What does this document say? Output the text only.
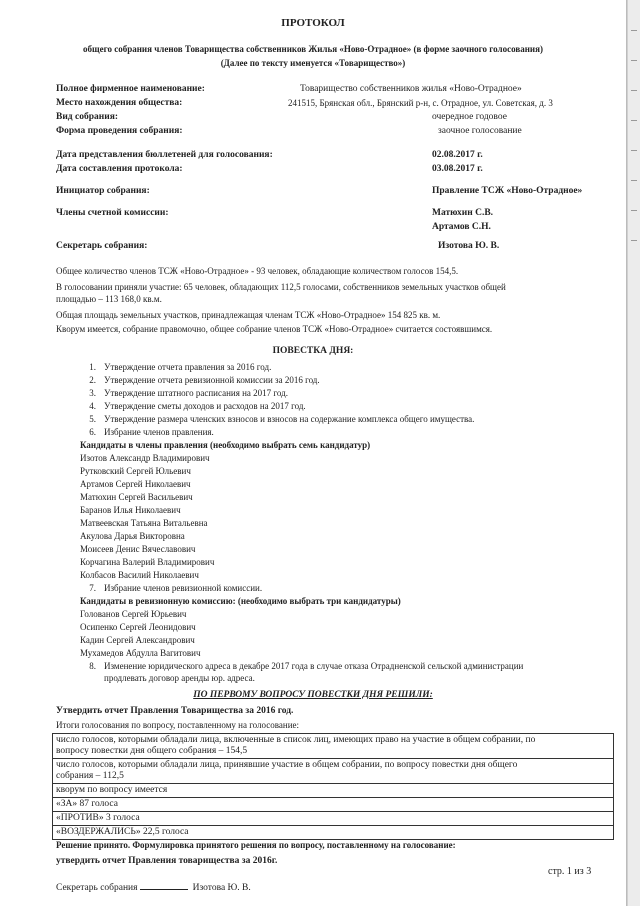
ПРОТОКОЛ
общего собрания членов Товарищества собственников Жилья «Ново-Отрадное» (в форме заочного голосования)
(Далее по тексту именуется «Товарищество»)
Полное фирменное наименование:	Товарищество собственников жилья «Ново-Отрадное»
Место нахождения общества:	241515, Брянская обл., Брянский р-н, с. Отрадное, ул. Советская, д. 3
Вид собрания:	очередное годовое
Форма проведения собрания:	заочное голосование
Дата представления бюллетеней для голосования:	02.08.2017 г.
Дата составления протокола:	03.08.2017 г.
Инициатор собрания:	Правление ТСЖ «Ново-Отрадное»
Члены счетной комиссии:	Матюхин С.В.
Артамов С.Н.
Секретарь собрания:	Изотова Ю. В.
Общее количество членов ТСЖ «Ново-Отрадное» - 93 человек, обладающие количеством голосов 154,5.
В голосовании приняли участие: 65 человек, обладающих 112,5 голосами, собственников земельных участков общей
площадью – 113 168,0 кв.м.
Общая площадь земельных участков, принадлежащая членам ТСЖ «Ново-Отрадное» 154 825 кв. м.
Кворум имеется, собрание правомочно, общее собрание членов ТСЖ «Ново-Отрадное» считается состоявшимся.
ПОВЕСТКА ДНЯ:
1. Утверждение отчета правления за 2016 год.
2. Утверждение отчета ревизионной комиссии за 2016 год.
3. Утверждение штатного расписания на 2017 год.
4. Утверждение сметы доходов и расходов на 2017 год.
5. Утверждение размера членских взносов и взносов на содержание комплекса общего имущества.
6. Избрание членов правления.
Кандидаты в члены правления (необходимо выбрать семь кандидатур)
Изотов Александр Владимирович
Рутковский Сергей Юльевич
Артамов Сергей Николаевич
Матюхин Сергей Васильевич
Баранов Илья Николаевич
Матвеевская Татьяна Витальевна
Акулова Дарья Викторовна
Моисеев Денис Вячеславович
Корчагина Валерий Владимирович
Колбасов Василий Николаевич
7. Избрание членов ревизионной комиссии.
Кандидаты в ревизионную комиссию: (необходимо выбрать три кандидатуры)
Голованов Сергей Юрьевич
Осипенко Сергей Леонидович
Кадин Сергей Александрович
Мухамедов Абдулла Вагитович
8. Изменение юридического адреса в декабре 2017 года в случае отказа Отрадненской сельской администрации
продлевать договор аренды юр. адреса.
ПО ПЕРВОМУ ВОПРОСУ ПОВЕСТКИ ДНЯ РЕШИЛИ:
Утвердить отчет Правления Товарищества за 2016 год.
Итоги голосования по вопросу, поставленному на голосование:
число голосов, которыми обладали лица, включенные в список лиц, имеющих право на участие в общем собрании, по
вопросу повестки дня общего собрания – 154,5
число голосов, которыми обладали лица, принявшие участие в общем собрании, по вопросу повестки дня общего
собрания – 112,5
кворум по вопросу имеется
«ЗА» 87 голоса
«ПРОТИВ» 3 голоса
«ВОЗДЕРЖАЛИСЬ» 22,5 голоса
Решение принято. Формулировка принятого решения по вопросу, поставленному на голосование:
утвердить отчет Правления товарищества за 2016г.
Секретарь собрания	Изотова Ю. В.
стр. 1 из 3
